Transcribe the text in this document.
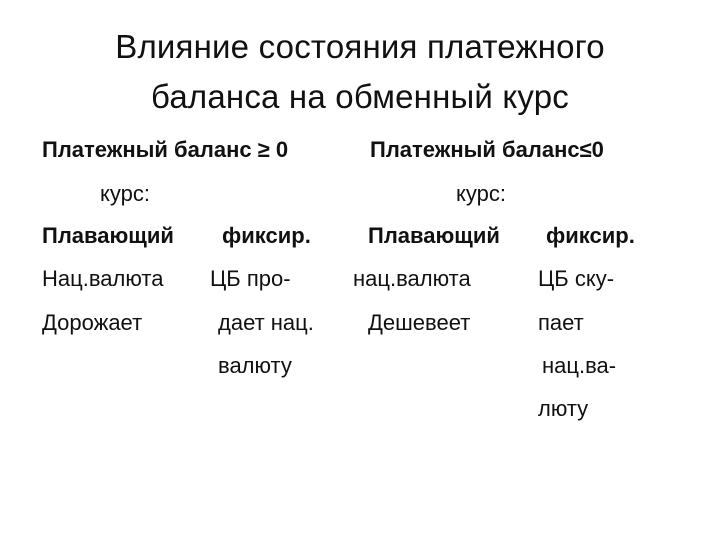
Влияние состояния платежного
баланса на обменный курс
Платежный баланс ≥ 0
курс:
Плавающий фиксир.
Нац.валюта
Дорожает
ЦБ про-
дает нац.
валюту
Платежный баланс≤0
курс:
Плавающий фиксир.
нац.валюта
Дешевеет
ЦБ ску-
пает
нац.ва-
люту
